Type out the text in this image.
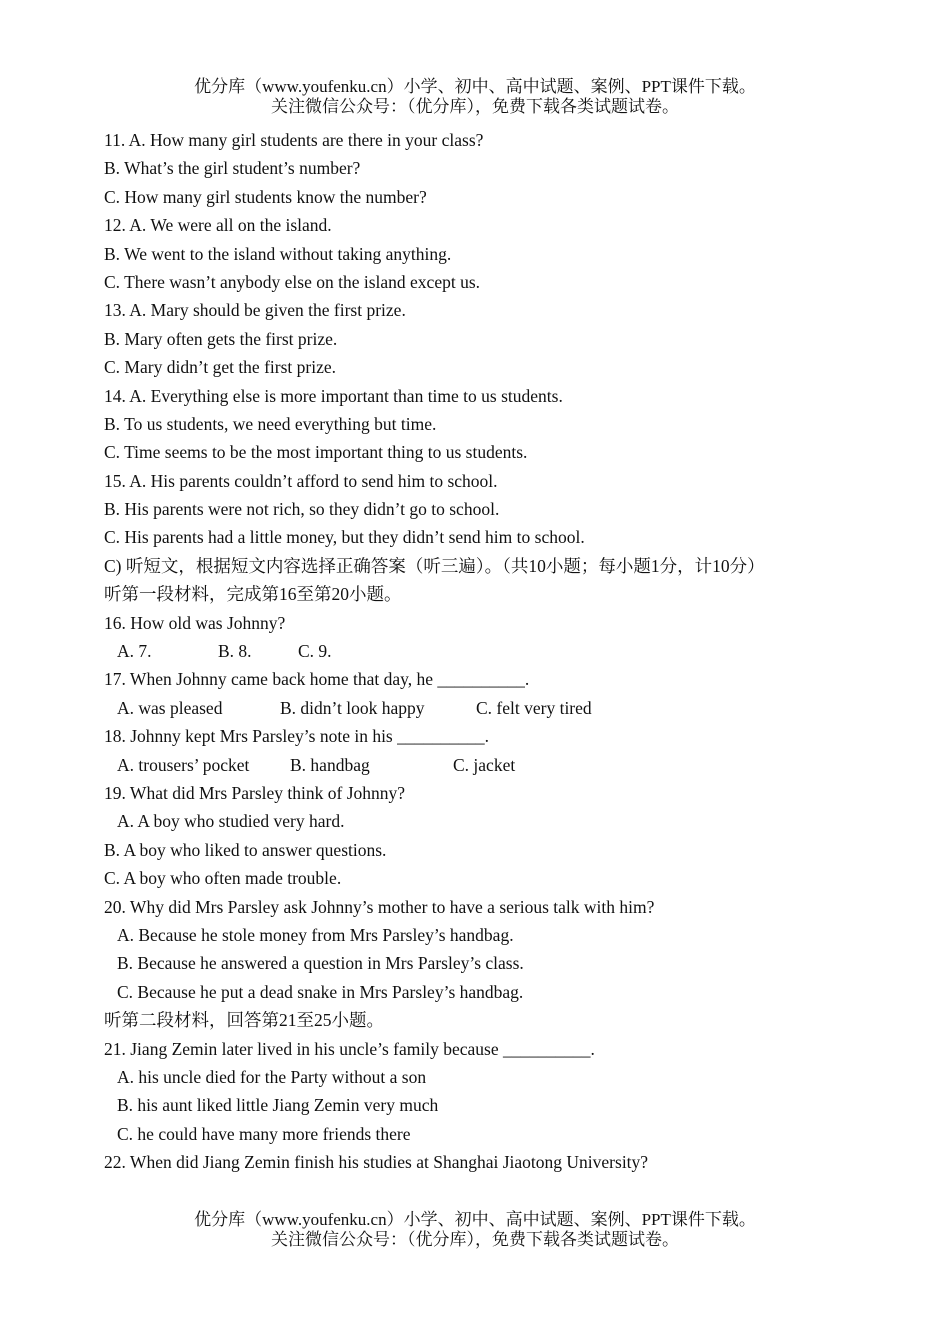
优分库（www.youfenku.cn）小学、初中、高中试题、案例、PPT课件下载。
关注微信公众号：（优分库），免费下载各类试题试卷。
11. A. How many girl students are there in your class?
B. What’s the girl student’s number?
C. How many girl students know the number?
12. A. We were all on the island.
B. We went to the island without taking anything.
C. There wasn’t anybody else on the island except us.
13. A. Mary should be given the first prize.
B. Mary often gets the first prize.
C. Mary didn’t get the first prize.
14. A. Everything else is more important than time to us students.
B. To us students, we need everything but time.
C. Time seems to be the most important thing to us students.
15. A. His parents couldn’t afford to send him to school.
B. His parents were not rich, so they didn’t go to school.
C. His parents had a little money, but they didn’t send him to school.
C) 听短文，根据短文内容选择正确答案（听三遍）。（共10小题；每小题1分，计10分）
听第一段材料，完成第16至第20小题。
16. How old was Johnny?
A. 7.	B. 8.	C. 9.
17. When Johnny came back home that day, he __________.
A. was pleased	B. didn’t look happy	C. felt very tired
18. Johnny kept Mrs Parsley’s note in his __________.
A. trousers’ pocket B. handbag	C. jacket
19. What did Mrs Parsley think of Johnny?
A. A boy who studied very hard.
B. A boy who liked to answer questions.
C. A boy who often made trouble.
20. Why did Mrs Parsley ask Johnny’s mother to have a serious talk with him?
A. Because he stole money from Mrs Parsley’s handbag.
B. Because he answered a question in Mrs Parsley’s class.
C. Because he put a dead snake in Mrs Parsley’s handbag.
听第二段材料，回答第21至25小题。
21. Jiang Zemin later lived in his uncle’s family because __________.
A. his uncle died for the Party without a son
B. his aunt liked little Jiang Zemin very much
C. he could have many more friends there
22. When did Jiang Zemin finish his studies at Shanghai Jiaotong University?
优分库（www.youfenku.cn）小学、初中、高中试题、案例、PPT课件下载。
关注微信公众号：（优分库），免费下载各类试题试卷。
